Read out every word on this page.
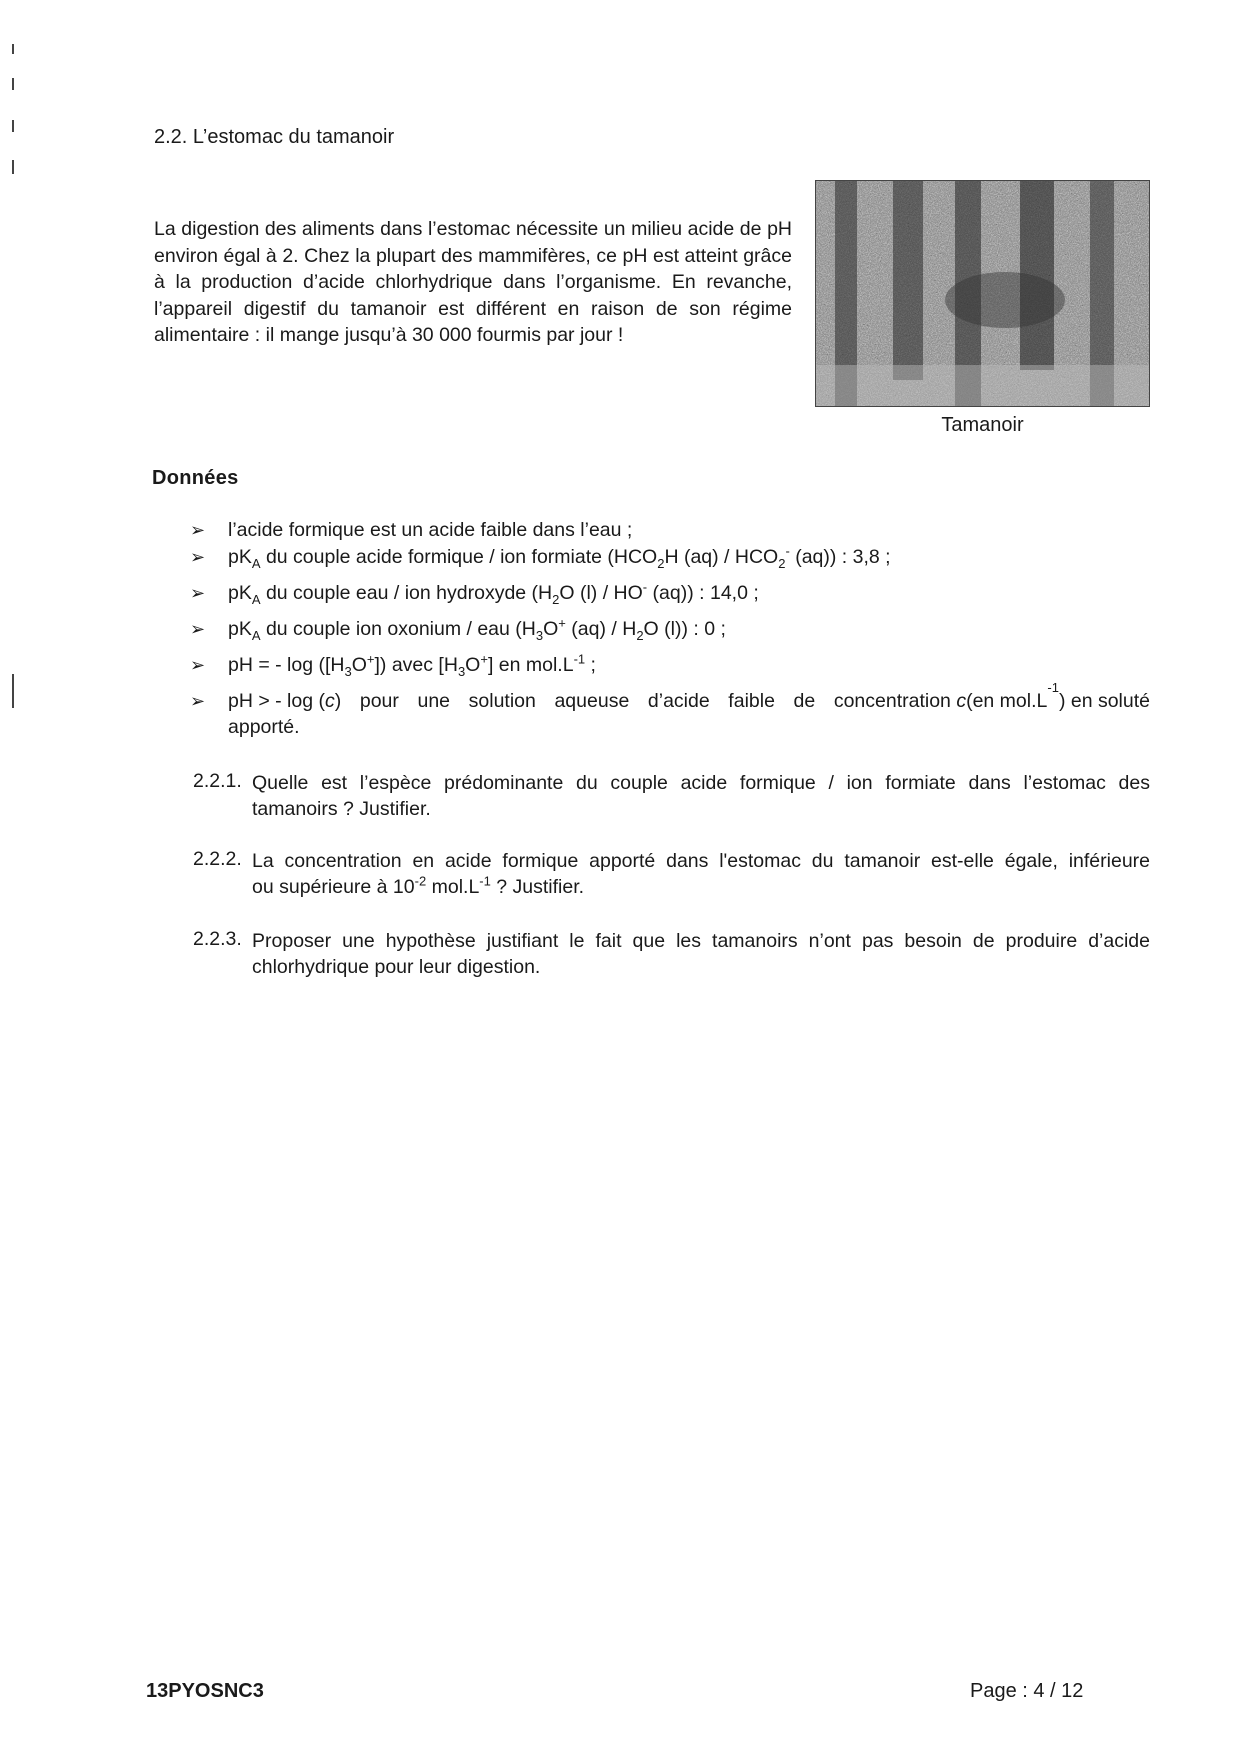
2.2. L’estomac du tamanoir
La digestion des aliments dans l’estomac nécessite un milieu acide de pH environ égal à 2. Chez la plupart des mammifères, ce pH est atteint grâce à la production d’acide chlorhydrique dans l’organisme. En revanche, l’appareil digestif du tamanoir est différent en raison de son régime alimentaire : il mange jusqu’à 30 000 fourmis par jour !
Tamanoir
Données
➢ l’acide formique est un acide faible dans l’eau ;
➢ $pK_A$ du couple acide formique / ion formiate ($HCO_2H$ $(aq) / HCO_2^-$ (aq)) : 3,8 ;
➢ $pK_A$ du couple eau / ion hydroxyde ($H_2O$ (l) / HO- (aq)) : 14,0 ;
➢ $pK_A$ du couple ion oxonium / eau ($H_3O^+$ $(aq) / H_2O$ (l)) : 0 ;
➢ pH = - $\log ([H_3O^+])$ avec $[H_3O^+]$ en $mol.L^{-1}$ ;
➢ pH > - log ( c ) pour une solution aqueuse d’acide faible de concentration c (en mol.L
-1
) en soluté
apporté.
2.2.1. Quelle est l’espèce prédominante du couple acide formique / ion formiate dans l’estomac des
tamanoirs ? Justifier.
2.2.2. La concentration en acide formique apporté dans l'estomac du tamanoir est-elle égale, inférieure
ou supérieure à $10^{-2}$ $mol.L^{-1}$ ? Justifier.
2.2.3. Proposer une hypothèse justifiant le fait que les tamanoirs n’ont pas besoin de produire d’acide
chlorhydrique pour leur digestion.
13PYOSNC3	Page : 4 / 12
